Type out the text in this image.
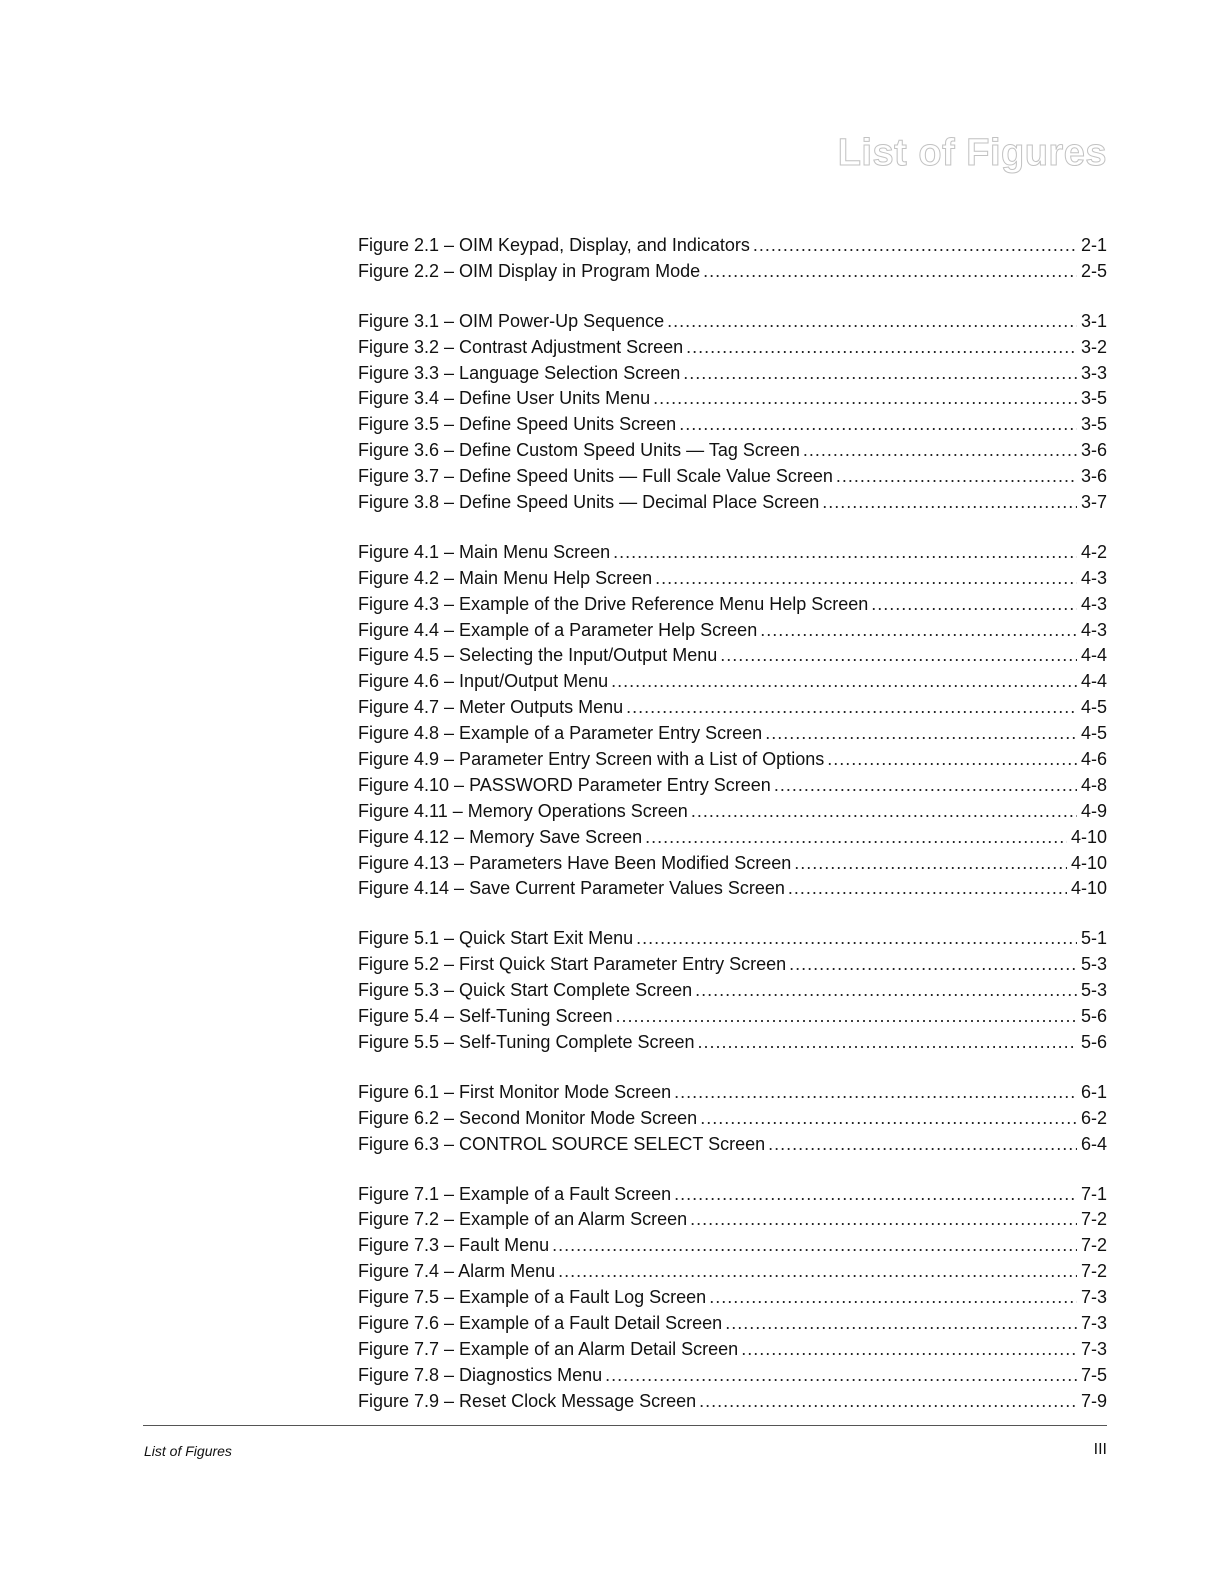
List of Figures
Figure 2.1 – OIM Keypad, Display, and Indicators .....	2-1
Figure 2.2 – OIM Display in Program Mode .....	2-5
Figure 3.1 – OIM Power-Up Sequence .....	3-1
Figure 3.2 – Contrast Adjustment Screen .....	3-2
Figure 3.3 – Language Selection Screen .....	3-3
Figure 3.4 – Define User Units Menu .....	3-5
Figure 3.5 – Define Speed Units Screen .....	3-5
Figure 3.6 – Define Custom Speed Units — Tag Screen .....	3-6
Figure 3.7 – Define Speed Units — Full Scale Value Screen .....	3-6
Figure 3.8 – Define Speed Units — Decimal Place Screen .....	3-7
Figure 4.1 – Main Menu Screen .....	4-2
Figure 4.2 – Main Menu Help Screen .....	4-3
Figure 4.3 – Example of the Drive Reference Menu Help Screen .....	4-3
Figure 4.4 – Example of a Parameter Help Screen .....	4-3
Figure 4.5 – Selecting the Input/Output Menu .....	4-4
Figure 4.6 – Input/Output Menu .....	4-4
Figure 4.7 – Meter Outputs Menu .....	4-5
Figure 4.8 – Example of a Parameter Entry Screen .....	4-5
Figure 4.9 – Parameter Entry Screen with a List of Options .....	4-6
Figure 4.10 – PASSWORD Parameter Entry Screen .....	4-8
Figure 4.11 – Memory Operations Screen .....	4-9
Figure 4.12 – Memory Save Screen .....	4-10
Figure 4.13 – Parameters Have Been Modified Screen .....	4-10
Figure 4.14 – Save Current Parameter Values Screen .....	4-10
Figure 5.1 – Quick Start Exit Menu .....	5-1
Figure 5.2 – First Quick Start Parameter Entry Screen .....	5-3
Figure 5.3 – Quick Start Complete Screen .....	5-3
Figure 5.4 – Self-Tuning Screen .....	5-6
Figure 5.5 – Self-Tuning Complete Screen .....	5-6
Figure 6.1 – First Monitor Mode Screen .....	6-1
Figure 6.2 – Second Monitor Mode Screen .....	6-2
Figure 6.3 – CONTROL SOURCE SELECT Screen .....	6-4
Figure 7.1 – Example of a Fault Screen .....	7-1
Figure 7.2 – Example of an Alarm Screen .....	7-2
Figure 7.3 – Fault Menu .....	7-2
Figure 7.4 – Alarm Menu .....	7-2
Figure 7.5 – Example of a Fault Log Screen .....	7-3
Figure 7.6 – Example of a Fault Detail Screen .....	7-3
Figure 7.7 – Example of an Alarm Detail Screen .....	7-3
Figure 7.8 – Diagnostics Menu .....	7-5
Figure 7.9 – Reset Clock Message Screen .....	7-9
List of Figures	III
